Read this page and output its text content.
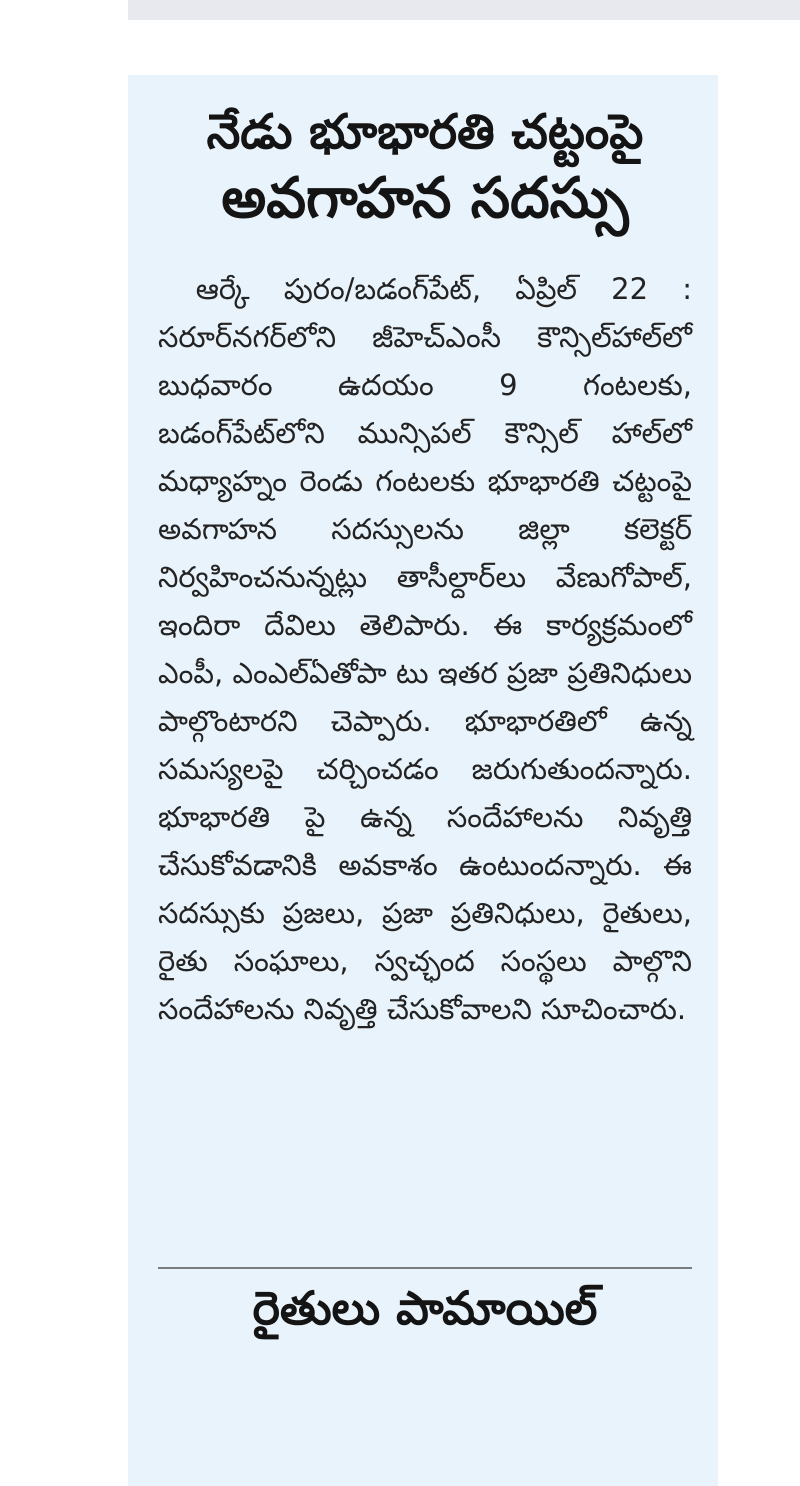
నేడు భూభారతి చట్టంపై
అవగాహన సదస్సు

ఆర్కే పురం/బడంగ్‌పేట్, ఏప్రిల్ 22 : సరూర్‌నగర్‌లోని జీహెచ్‌ఎంసీ కౌన్సిల్‌హాల్‌లో బుధవారం ఉదయం 9 గంటలకు, బడంగ్‌పేట్‌లోని మున్సిపల్ కౌన్సిల్ హాల్‌లో మధ్యాహ్నం రెండు గంటలకు భూభారతి చట్టంపై అవగాహన సదస్సులను జిల్లా కలెక్టర్ నిర్వహించనున్నట్లు తాసీల్దార్‌లు వేణుగోపాల్, ఇందిరా దేవిలు తెలిపారు. ఈ కార్యక్రమంలో ఎంపీ, ఎంఎల్ఏతోపా టు ఇతర ప్రజా ప్రతినిధులు పాల్గొంటారని చెప్పారు. భూభారతిలో ఉన్న సమస్యలపై చర్చించడం జరుగుతుందన్నారు. భూభారతి పై ఉన్న సందేహాలను నివృత్తి చేసుకోవడానికి అవకాశం ఉంటుందన్నారు. ఈ సదస్సుకు ప్రజలు, ప్రజా ప్రతినిధులు, రైతులు, రైతు సంఘాలు, స్వచ్ఛంద సంస్థలు పాల్గొని సందేహాలను నివృత్తి చేసుకోవాలని సూచించారు.

రైతులు పామాయిల్
